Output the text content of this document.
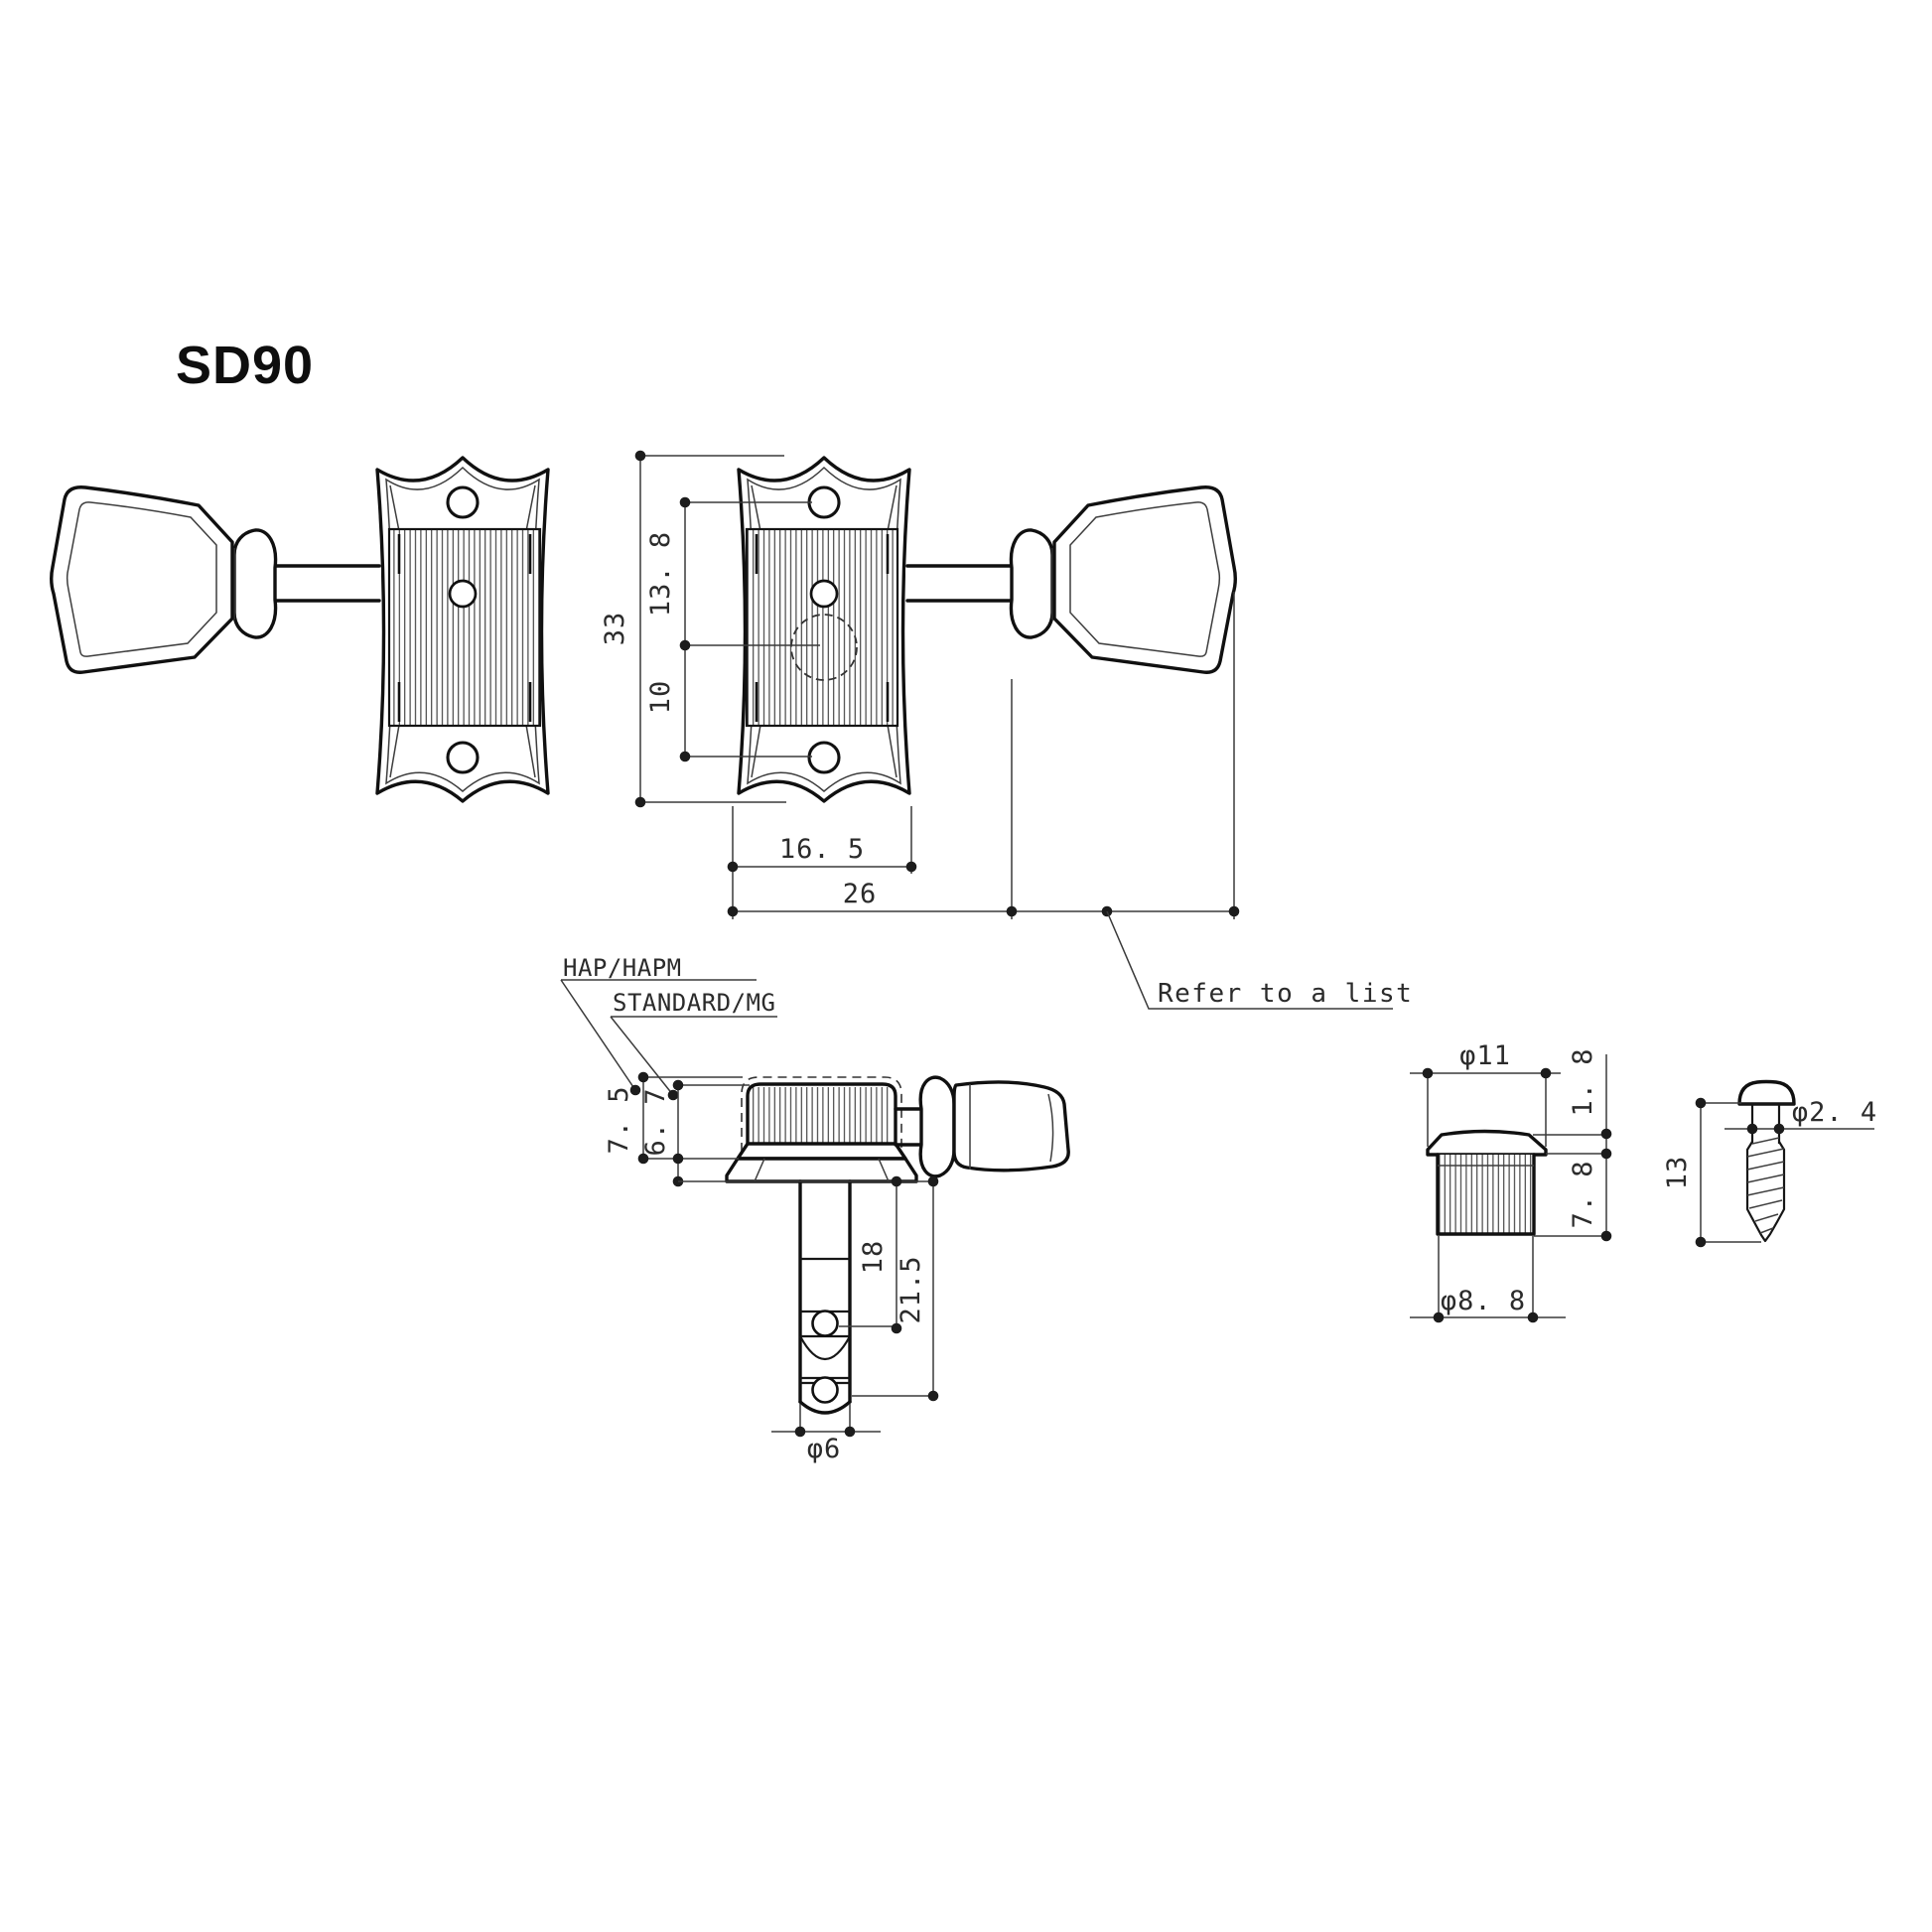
SD90
33
13. 8
10
16. 5
26
Refer to a list
HAP/HAPM
STANDARD/MG
7. 5 6. 7
18 21.5
φ6
φ11 1. 8
7. 8
φ8. 8
φ2. 4
13
